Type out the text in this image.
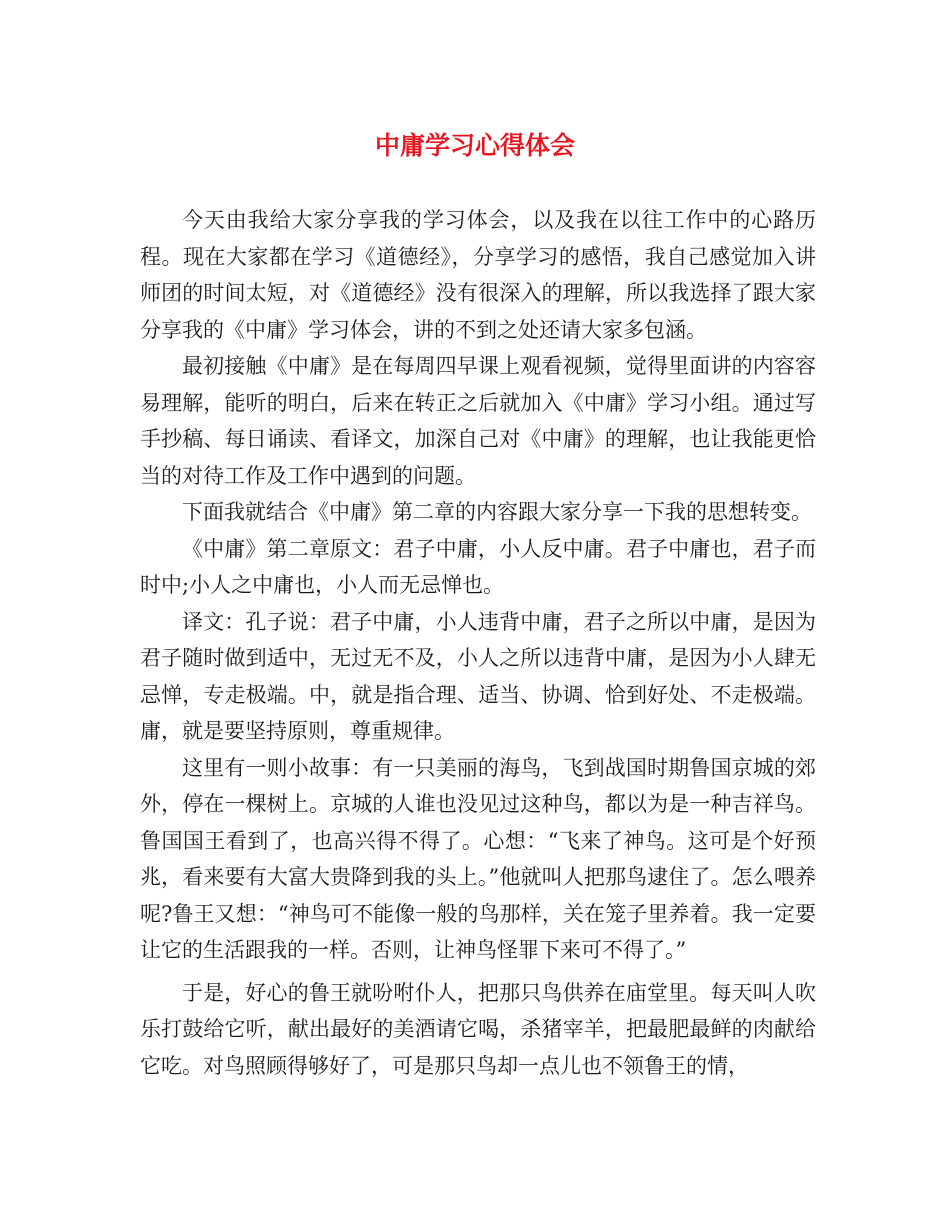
中庸学习心得体会

今天由我给大家分享我的学习体会，以及我在以往工作中的心路历程。现在大家都在学习《道德经》，分享学习的感悟，我自己感觉加入讲师团的时间太短，对《道德经》没有很深入的理解，所以我选择了跟大家分享我的《中庸》学习体会，讲的不到之处还请大家多包涵。

最初接触《中庸》是在每周四早课上观看视频，觉得里面讲的内容容易理解，能听的明白，后来在转正之后就加入《中庸》学习小组。通过写手抄稿、每日诵读、看译文，加深自己对《中庸》的理解，也让我能更恰当的对待工作及工作中遇到的问题。

下面我就结合《中庸》第二章的内容跟大家分享一下我的思想转变。

《中庸》第二章原文：君子中庸，小人反中庸。君子中庸也，君子而时中;小人之中庸也，小人而无忌惮也。

译文：孔子说：君子中庸，小人违背中庸，君子之所以中庸，是因为君子随时做到适中，无过无不及，小人之所以违背中庸，是因为小人肆无忌惮，专走极端。中，就是指合理、适当、协调、恰到好处、不走极端。庸，就是要坚持原则，尊重规律。

这里有一则小故事：有一只美丽的海鸟，飞到战国时期鲁国京城的郊外，停在一棵树上。京城的人谁也没见过这种鸟，都以为是一种吉祥鸟。鲁国国王看到了，也高兴得不得了。心想：“飞来了神鸟。这可是个好预兆，看来要有大富大贵降到我的头上。”他就叫人把那鸟逮住了。怎么喂养呢?鲁王又想：“神鸟可不能像一般的鸟那样，关在笼子里养着。我一定要让它的生活跟我的一样。否则，让神鸟怪罪下来可不得了。”

于是，好心的鲁王就吩咐仆人，把那只鸟供养在庙堂里。每天叫人吹乐打鼓给它听，献出最好的美酒请它喝，杀猪宰羊，把最肥最鲜的肉献给它吃。对鸟照顾得够好了，可是那只鸟却一点儿也不领鲁王的情，
